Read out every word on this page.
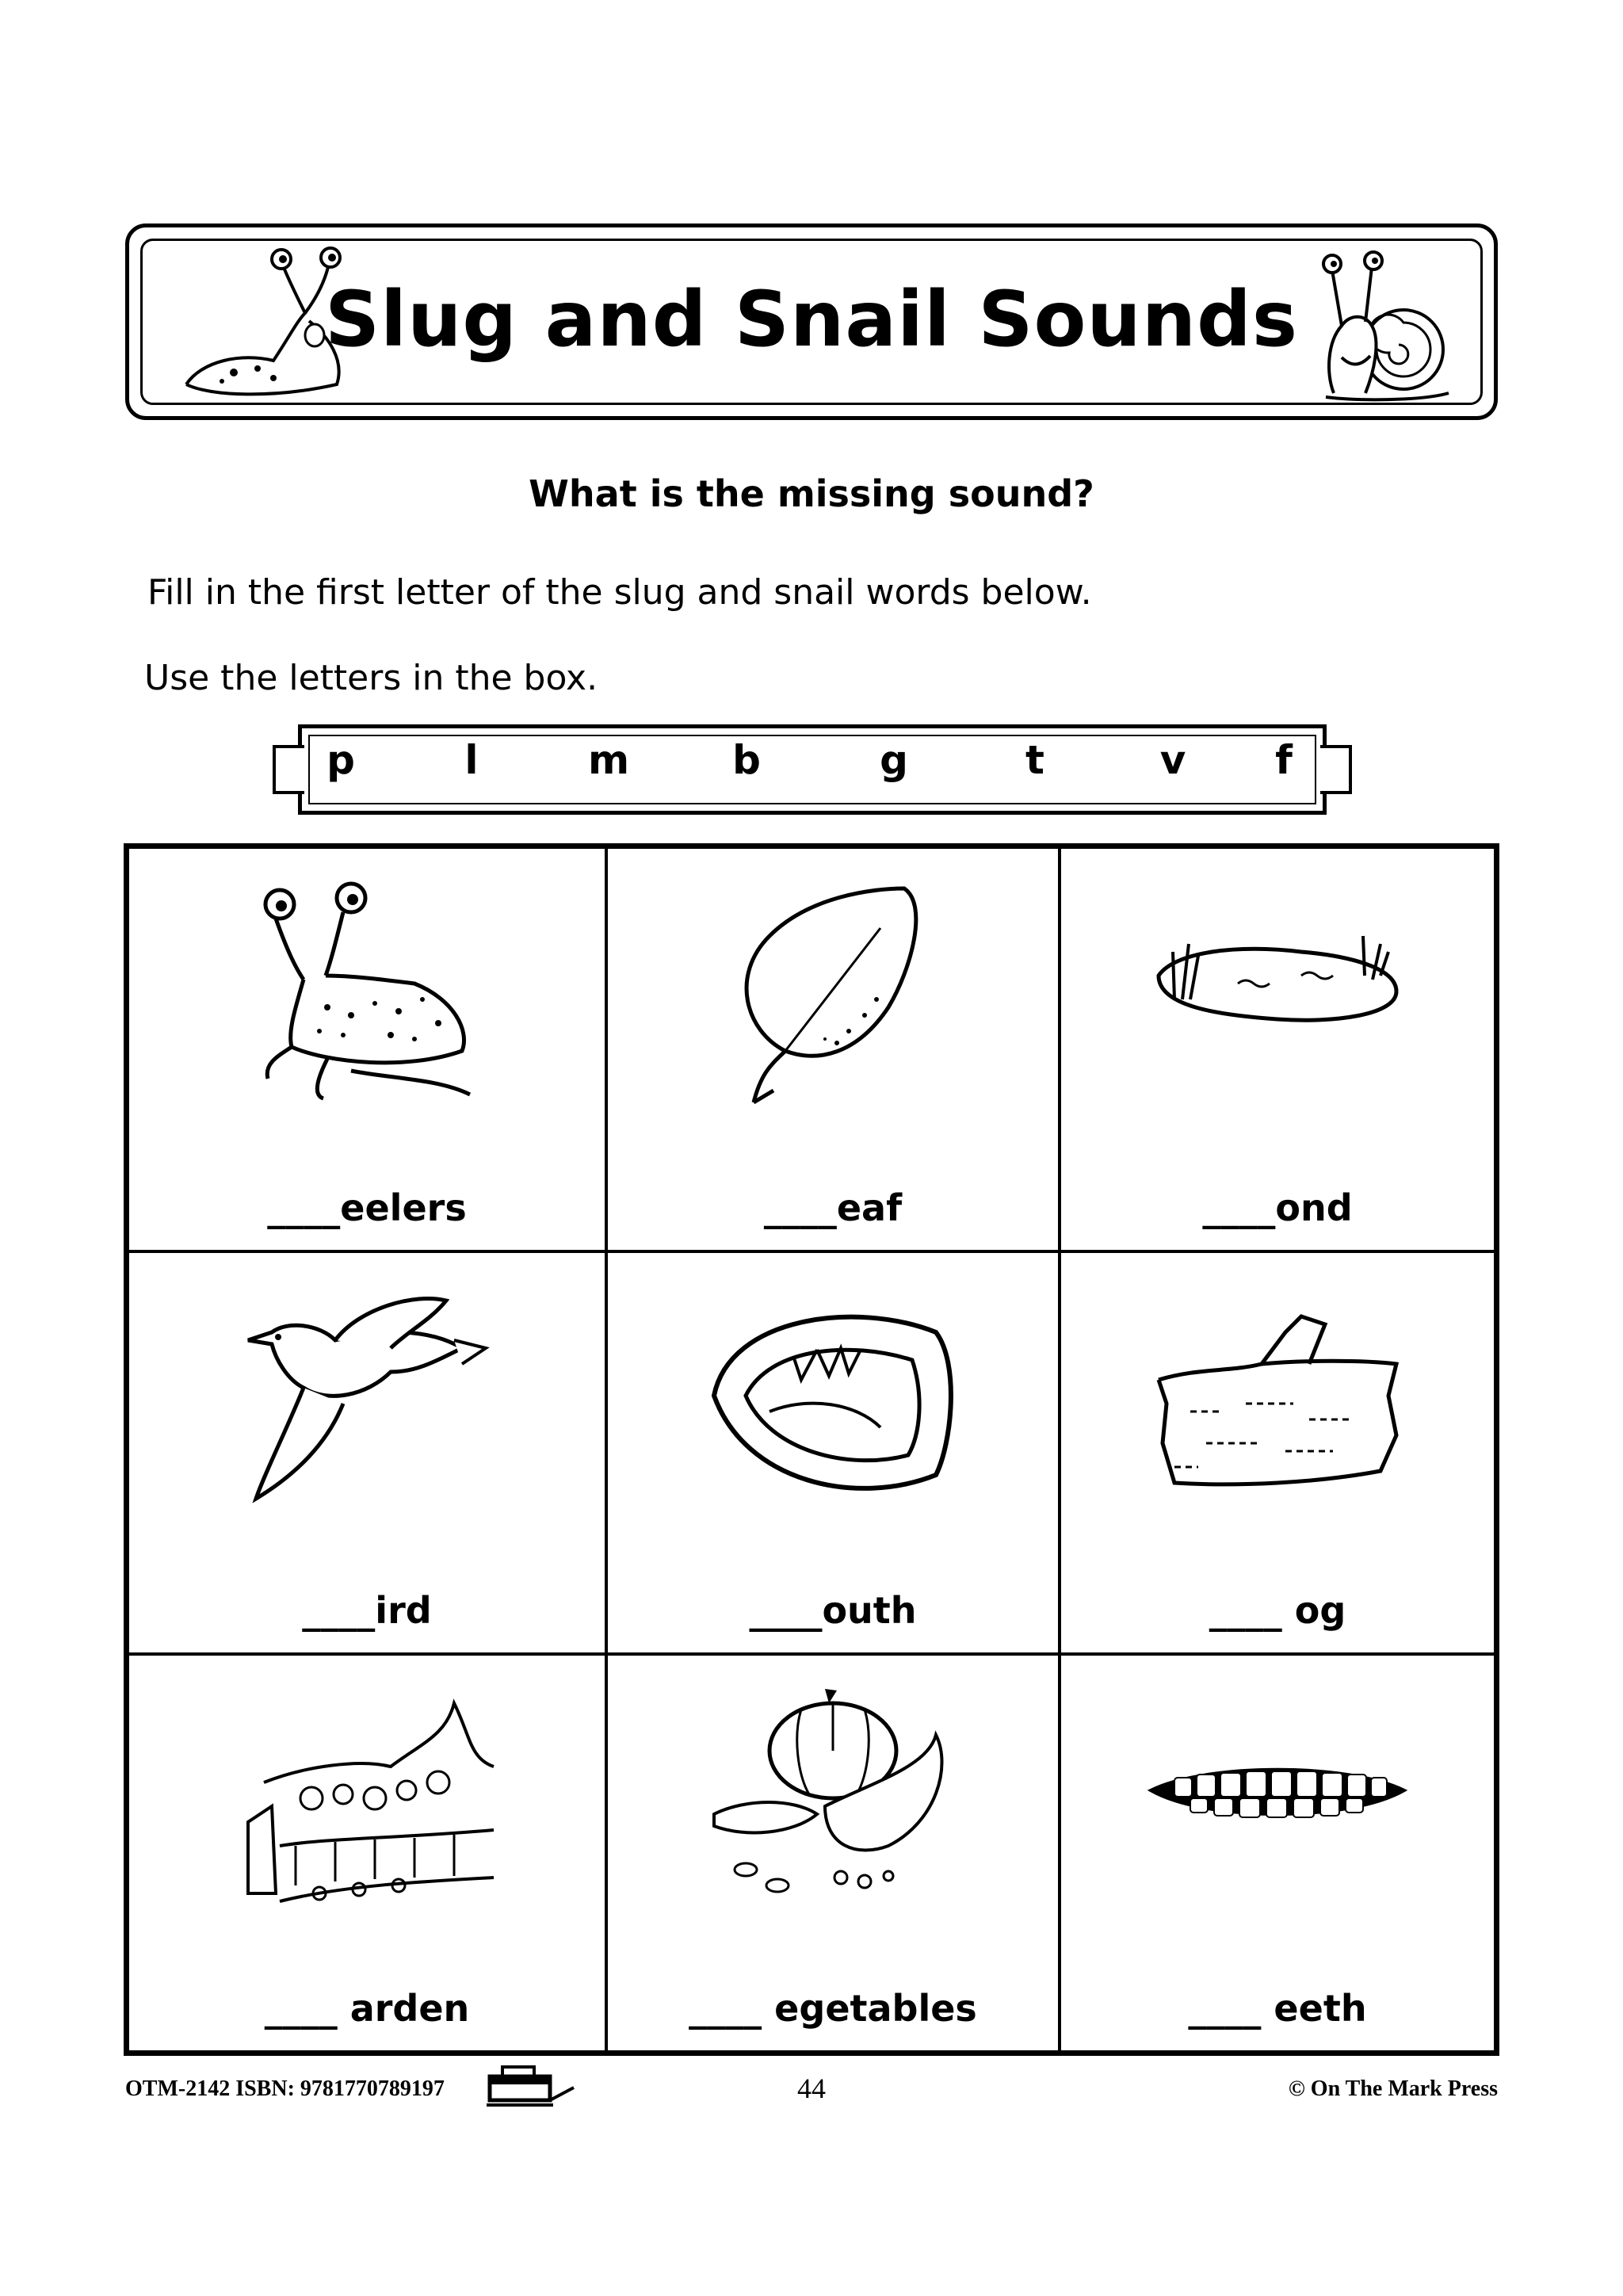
Slug and Snail Sounds
What is the missing sound?
Fill in the first letter of the slug and snail words below.
Use the letters in the box.
p	l	m	b	g	t	v	f
____eelers	____eaf	____ond
____ird	____outh	____ og
____ arden	____ egetables	____ eeth
OTM-2142 ISBN: 9781770789197	44	© On The Mark Press
